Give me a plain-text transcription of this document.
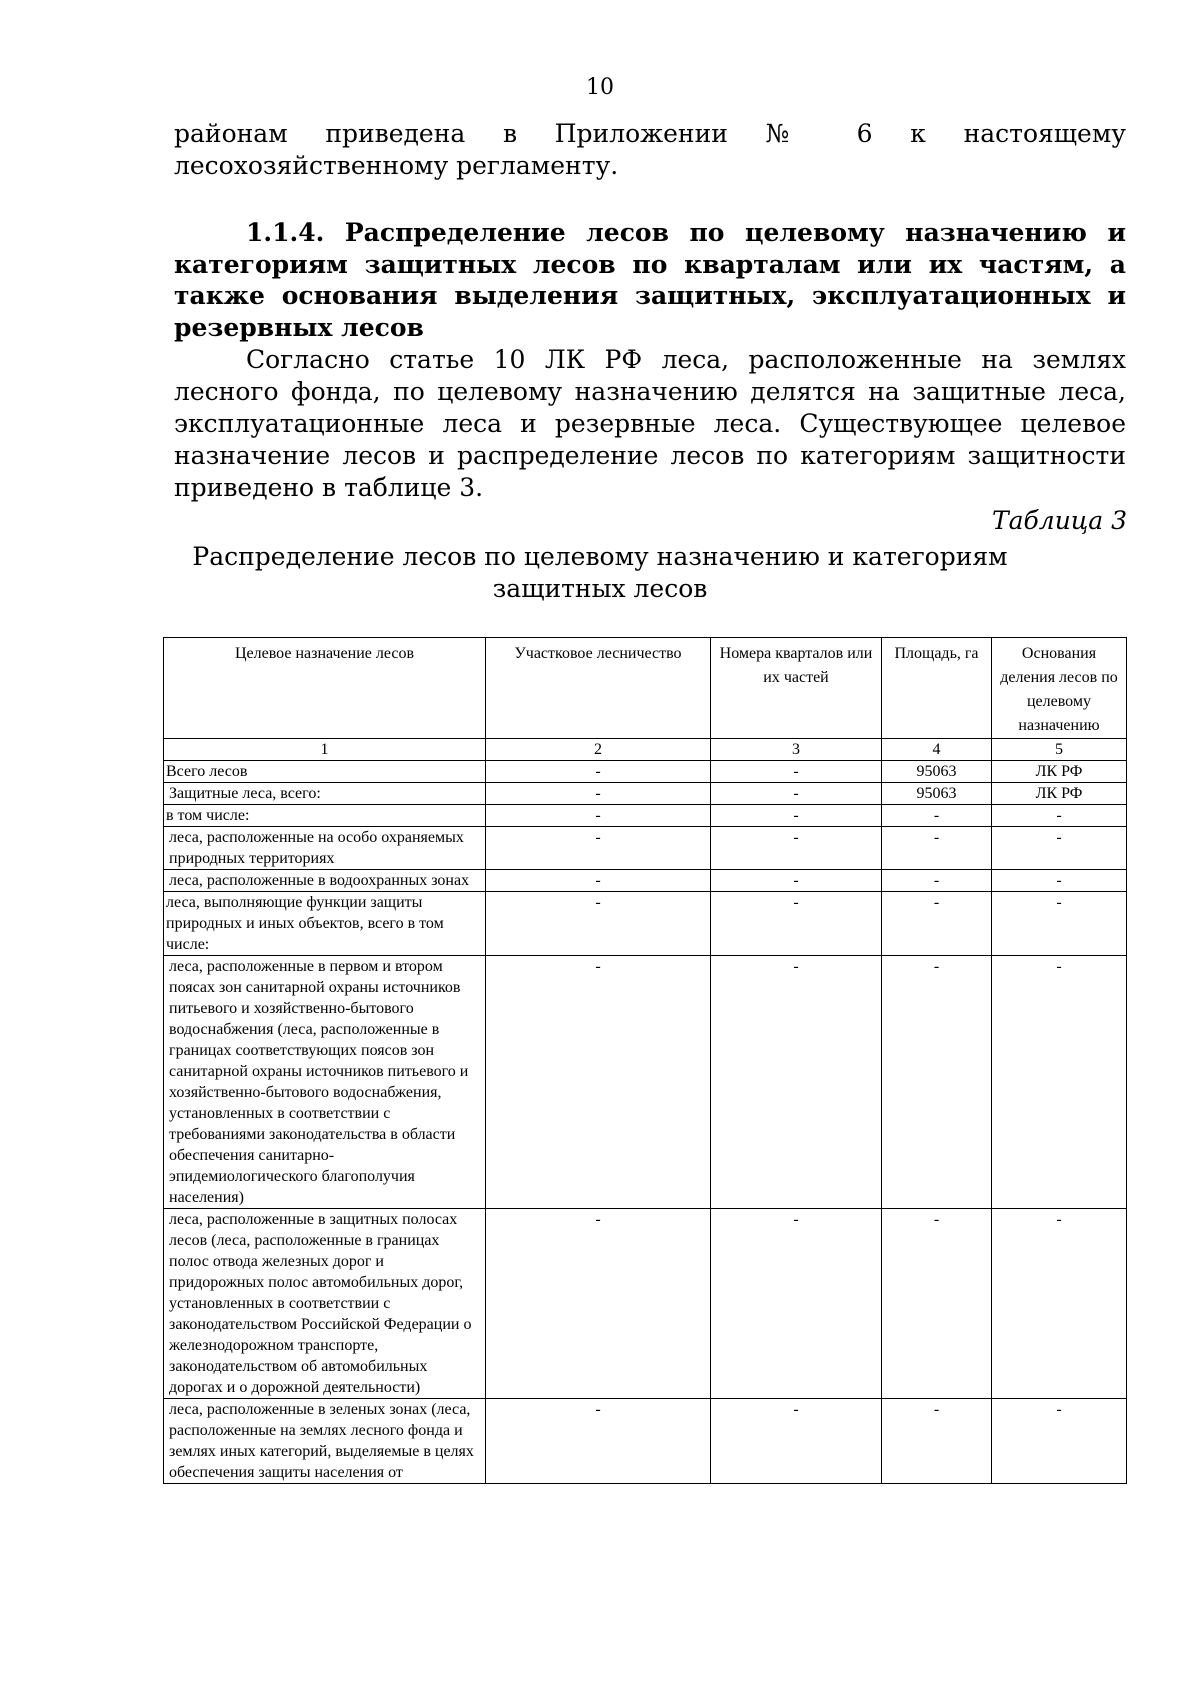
10

районам приведена в Приложении № 6 к настоящему лесохозяйственному регламенту.

1.1.4. Распределение лесов по целевому назначению и категориям защитных лесов по кварталам или их частям, а также основания выделения защитных, эксплуатационных и резервных лесов

Согласно статье 10 ЛК РФ леса, расположенные на землях лесного фонда, по целевому назначению делятся на защитные леса, эксплуатационные леса и резервные леса. Существующее целевое назначение лесов и распределение лесов по категориям защитности приведено в таблице 3.

Таблица 3
Распределение лесов по целевому назначению и категориям
защитных лесов
Целевое назначение лесов	Участковое лесничество	Номера кварталов или их частей	Площадь, га	Основания деления лесов по целевому назначению
1	2	3	4	5
Всего лесов	-	-	95063	ЛК РФ
Защитные леса, всего:	-	-	95063	ЛК РФ
в том числе:	-	-	-	-
леса, расположенные на особо охраняемых природных территориях	-	-	-	-
леса, расположенные в водоохранных зонах	-	-	-	-
леса, выполняющие функции защиты природных и иных объектов, всего в том числе:	-	-	-	-
леса, расположенные в первом и втором поясах зон санитарной охраны источников питьевого и хозяйственно-бытового водоснабжения (леса, расположенные в границах соответствующих поясов зон санитарной охраны источников питьевого и хозяйственно-бытового водоснабжения, установленных в соответствии с требованиями законодательства в области обеспечения санитарно-эпидемиологического благополучия населения)	-	-	-	-
леса, расположенные в защитных полосах лесов (леса, расположенные в границах полос отвода железных дорог и придорожных полос автомобильных дорог, установленных в соответствии с законодательством Российской Федерации о железнодорожном транспорте, законодательством об автомобильных дорогах и о дорожной деятельности)	-	-	-	-
леса, расположенные в зеленых зонах (леса, расположенные на землях лесного фонда и землях иных категорий, выделяемые в целях обеспечения защиты населения от	-	-	-	-
